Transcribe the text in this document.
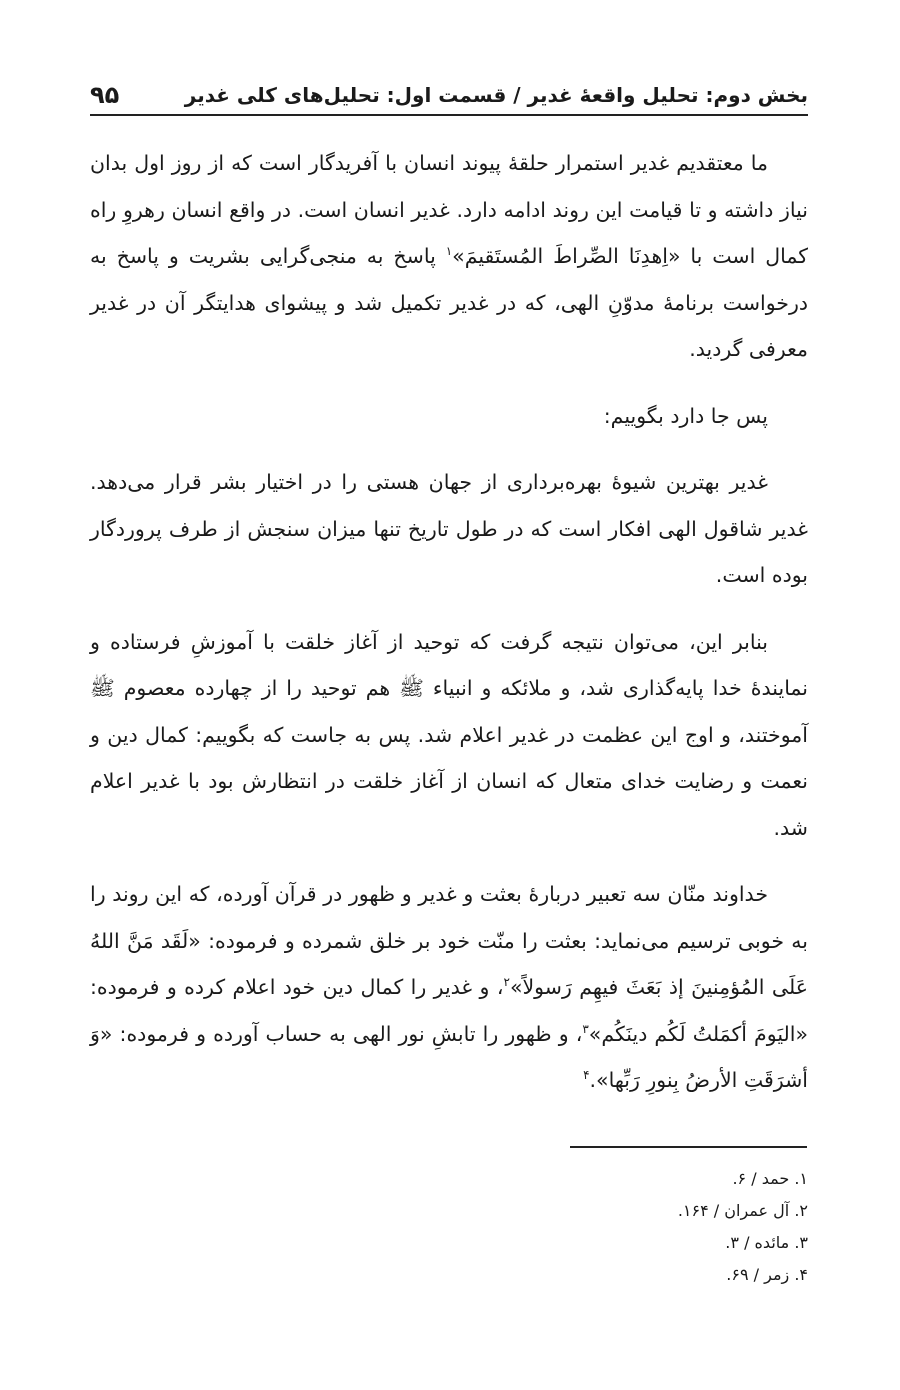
۹۵	بخش دوم: تحلیل واقعهٔ غدیر / قسمت اول: تحلیل‌های کلی غدیر

ما معتقدیم غدیر استمرار حلقهٔ پیوند انسان با آفریدگار است که از روز اول بدان نیاز داشته و تا قیامت این روند ادامه دارد. غدیر انسان است. در واقع انسان رهروِ راه کمال است با «اِهدِنَا الصِّراطَ المُستَقیمَ»$^۱$ پاسخ به منجی‌گرایی بشریت و پاسخ به درخواست برنامهٔ مدوّنِ الهی، که در غدیر تکمیل شد و پیشوای هدایتگر آن در غدیر معرفی گردید.

پس جا دارد بگوییم:

غدیر بهترین شیوهٔ بهره‌برداری از جهان هستی را در اختیار بشر قرار می‌دهد. غدیر شاقول الهی افکار است که در طول تاریخ تنها میزان سنجش از طرف پروردگار بوده است.

بنابر این، می‌توان نتیجه گرفت که توحید از آغاز خلقت با آموزشِ فرستاده و نمایندهٔ خدا پایه‌گذاری شد، و ملائکه و انبیاء ﷺ هم توحید را از چهارده معصوم ﷺ آموختند، و اوج این عظمت در غدیر اعلام شد. پس به جاست که بگوییم: کمال دین و نعمت و رضایت خدای متعال که انسان از آغاز خلقت در انتظارش بود با غدیر اعلام شد.

خداوند منّان سه تعبیر دربارهٔ بعثت و غدیر و ظهور در قرآن آورده، که این روند را به خوبی ترسیم می‌نماید: بعثت را منّت خود بر خلق شمرده و فرموده: «لَقَد مَنَّ اللهُ عَلَی المُؤمِنینَ إذ بَعَثَ فیهِم رَسولاً»$^۲$، و غدیر را کمال دین خود اعلام کرده و فرموده: «الیَومَ أکمَلتُ لَکُم دینَکُم»$^۳$، و ظهور را تابشِ نور الهی به حساب آورده و فرموده: «وَ أشرَقَتِ الأرضُ بِنورِ رَبِّها».$^۴$

۱. حمد / ۶.
۲. آل عمران / ۱۶۴.
۳. مائده / ۳.
۴. زمر / ۶۹.
